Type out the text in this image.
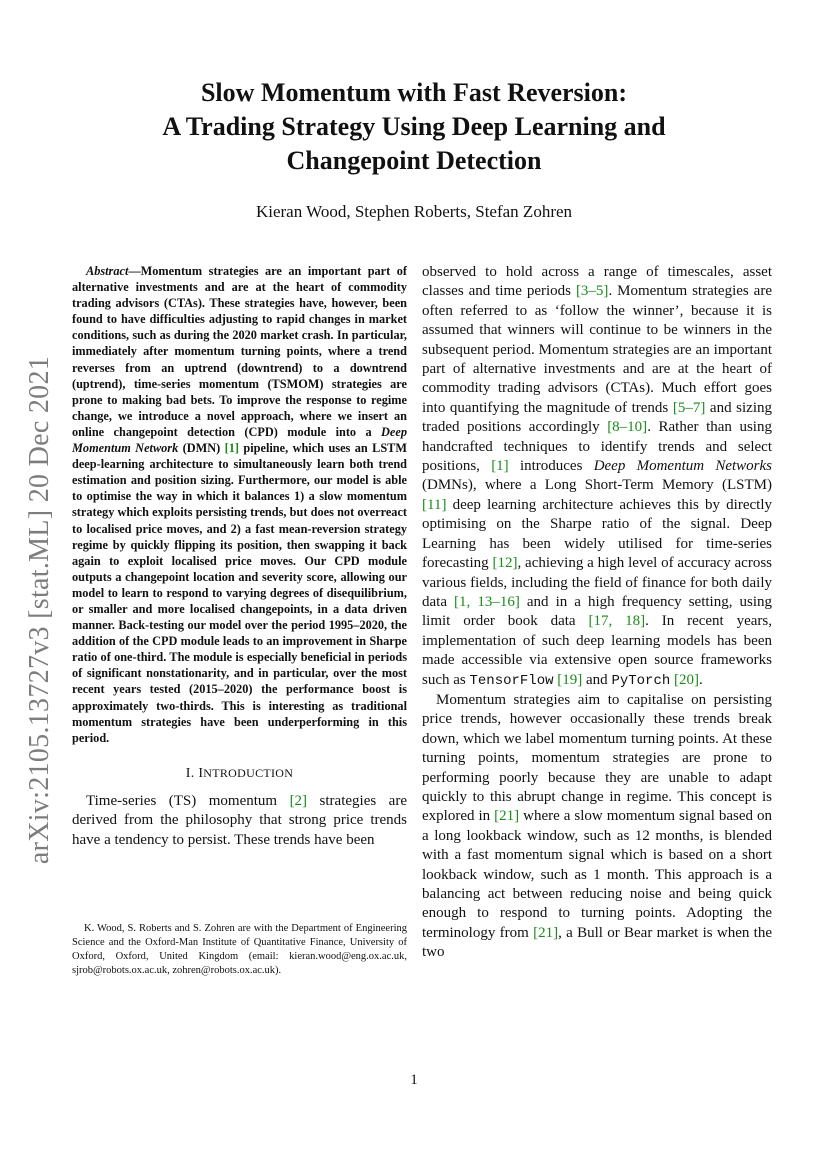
Slow Momentum with Fast Reversion:
A Trading Strategy Using Deep Learning and
Changepoint Detection
Kieran Wood, Stephen Roberts, Stefan Zohren
arXiv:2105.13727v3 [stat.ML] 20 Dec 2021

Abstract—Momentum strategies are an important part of alternative investments and are at the heart of commodity trading advisors (CTAs). These strategies have, however, been found to have difficulties adjusting to rapid changes in market conditions, such as during the 2020 market crash. In particular, immediately after momentum turning points, where a trend reverses from an uptrend (downtrend) to a downtrend (uptrend), time-series momentum (TSMOM) strategies are prone to making bad bets. To improve the response to regime change, we introduce a novel approach, where we insert an online changepoint detection (CPD) module into a Deep Momentum Network (DMN) [1] pipeline, which uses an LSTM deep-learning architecture to simultaneously learn both trend estimation and position sizing. Furthermore, our model is able to optimise the way in which it balances 1) a slow momentum strategy which exploits persisting trends, but does not overreact to localised price moves, and 2) a fast mean-reversion strategy regime by quickly flipping its position, then swapping it back again to exploit localised price moves. Our CPD module outputs a changepoint location and severity score, allowing our model to learn to respond to varying degrees of disequilibrium, or smaller and more localised changepoints, in a data driven manner. Back-testing our model over the period 1995–2020, the addition of the CPD module leads to an improvement in Sharpe ratio of one-third. The module is especially beneficial in periods of significant nonstationarity, and in particular, over the most recent years tested (2015–2020) the performance boost is approximately two-thirds. This is interesting as traditional momentum strategies have been underperforming in this period.

I. INTRODUCTION

Time-series (TS) momentum [2] strategies are derived from the philosophy that strong price trends have a tendency to persist. These trends have been

K. Wood, S. Roberts and S. Zohren are with the Department of Engineering Science and the Oxford-Man Institute of Quantitative Finance, University of Oxford, Oxford, United Kingdom (email: kieran.wood@eng.ox.ac.uk, sjrob@robots.ox.ac.uk, zohren@robots.ox.ac.uk).

observed to hold across a range of timescales, asset classes and time periods [3–5]. Momentum strategies are often referred to as ‘follow the winner’, because it is assumed that winners will continue to be winners in the subsequent period. Momentum strategies are an important part of alternative investments and are at the heart of commodity trading advisors (CTAs). Much effort goes into quantifying the magnitude of trends [5–7] and sizing traded positions accordingly [8–10]. Rather than using handcrafted techniques to identify trends and select positions, [1] introduces Deep Momentum Networks (DMNs), where a Long Short-Term Memory (LSTM) [11] deep learning architecture achieves this by directly optimising on the Sharpe ratio of the signal. Deep Learning has been widely utilised for time-series forecasting [12], achieving a high level of accuracy across various fields, including the field of finance for both daily data [1, 13–16] and in a high frequency setting, using limit order book data [17, 18]. In recent years, implementation of such deep learning models has been made accessible via extensive open source frameworks such as TensorFlow [19] and PyTorch [20].

Momentum strategies aim to capitalise on persisting price trends, however occasionally these trends break down, which we label momentum turning points. At these turning points, momentum strategies are prone to performing poorly because they are unable to adapt quickly to this abrupt change in regime. This concept is explored in [21] where a slow momentum signal based on a long lookback window, such as 12 months, is blended with a fast momentum signal which is based on a short lookback window, such as 1 month. This approach is a balancing act between reducing noise and being quick enough to respond to turning points. Adopting the terminology from [21], a Bull or Bear market is when the two

1
